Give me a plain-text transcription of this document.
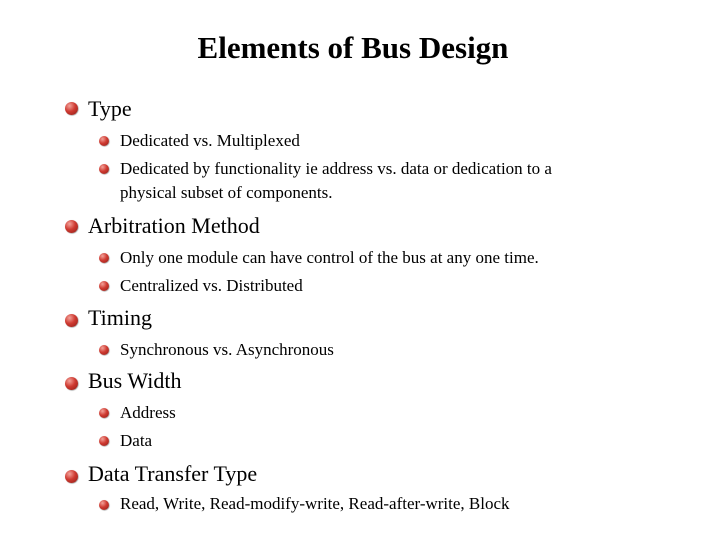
Elements of Bus Design
Type
Dedicated vs. Multiplexed
Dedicated by functionality ie address vs. data or dedication to a
physical subset of components.
Arbitration Method
Only one module can have control of the bus at any one time.
Centralized vs. Distributed
Timing
Synchronous vs. Asynchronous
Bus Width
Address
Data
Data Transfer Type
Read, Write, Read-modify-write, Read-after-write, Block
